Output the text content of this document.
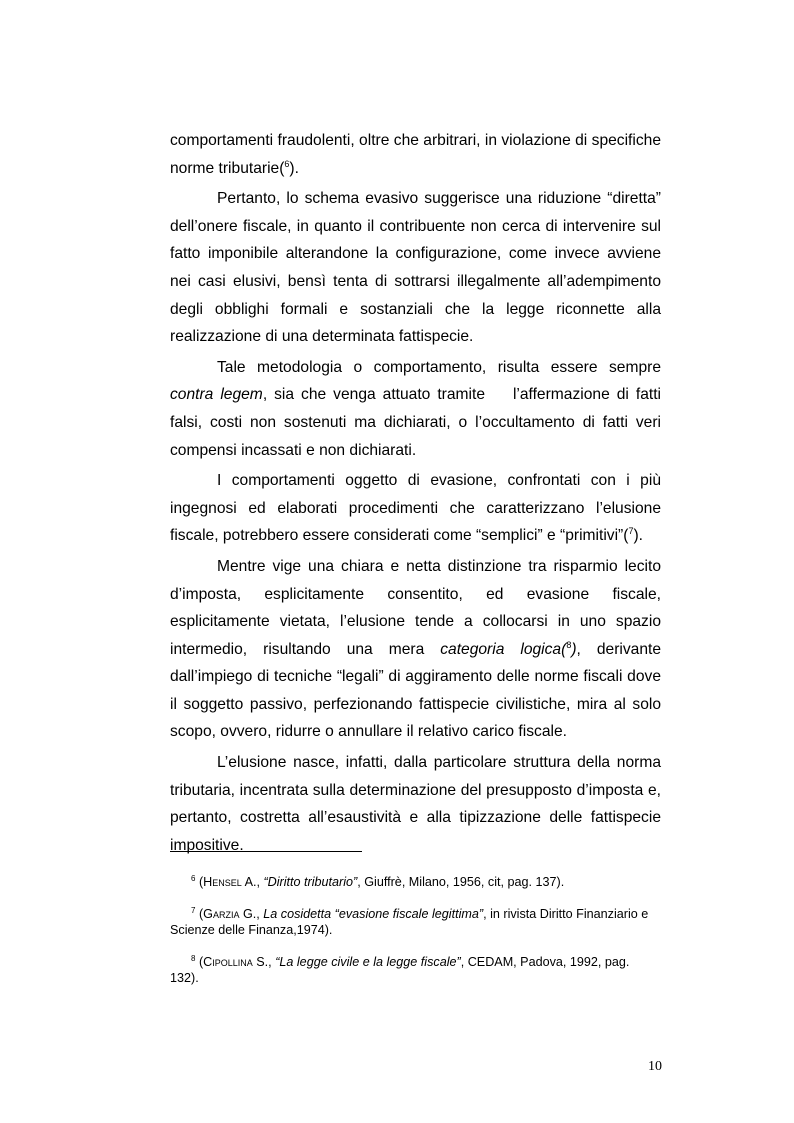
comportamenti fraudolenti, oltre che arbitrari, in violazione di specifiche norme tributarie($^6$).

Pertanto, lo schema evasivo suggerisce una riduzione “diretta” dell’onere fiscale, in quanto il contribuente non cerca di intervenire sul fatto imponibile alterandone la configurazione, come invece avviene nei casi elusivi, bensì tenta di sottrarsi illegalmente all’adempimento degli obblighi formali e sostanziali che la legge riconnette alla realizzazione di una determinata fattispecie.

Tale metodologia o comportamento, risulta essere sempre contra legem, sia che venga attuato tramite    l’affermazione di fatti falsi, costi non sostenuti ma dichiarati, o l’occultamento di fatti veri compensi incassati e non dichiarati.

I comportamenti oggetto di evasione, confrontati con i più ingegnosi ed elaborati procedimenti che caratterizzano l’elusione fiscale, potrebbero essere considerati come “semplici” e “primitivi”($^7$).

Mentre vige una chiara e netta distinzione tra risparmio lecito d’imposta, esplicitamente consentito, ed evasione fiscale, esplicitamente vietata, l’elusione tende a collocarsi in uno spazio intermedio, risultando una mera categoria logica($^8$), derivante dall’impiego di tecniche “legali” di aggiramento delle norme fiscali dove il soggetto passivo, perfezionando fattispecie civilistiche, mira al solo scopo, ovvero, ridurre o annullare il relativo carico fiscale.

L’elusione nasce, infatti, dalla particolare struttura della norma tributaria, incentrata sulla determinazione del presupposto d’imposta e, pertanto, costretta all’esaustività e alla tipizzazione delle fattispecie impositive.

$^6$ (Hensel A., “Diritto tributario”, Giuffrè, Milano, 1956, cit, pag. 137).

$^7$ (Garzia G., La cosidetta “evasione fiscale legittima”, in rivista Diritto Finanziario e Scienze delle Finanza,1974).

$^8$ (Cipollina S., “La legge civile e la legge fiscale”, CEDAM, Padova, 1992, pag. 132).

10
